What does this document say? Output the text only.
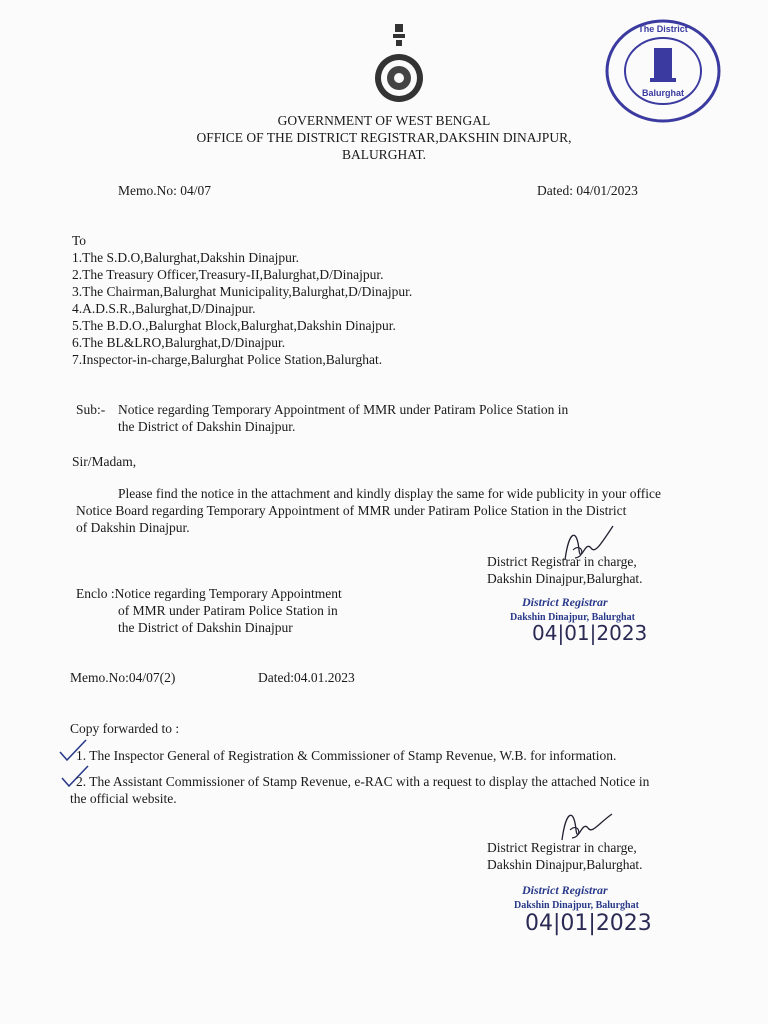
Balurghat
The District
GOVERNMENT OF WEST BENGAL
OFFICE OF THE DISTRICT REGISTRAR,DAKSHIN DINAJPUR,
BALURGHAT.
Memo.No: 04/07	Dated: 04/01/2023
To
1.The S.D.O,Balurghat,Dakshin Dinajpur.
2.The Treasury Officer,Treasury-II,Balurghat,D/Dinajpur.
3.The Chairman,Balurghat Municipality,Balurghat,D/Dinajpur.
4.A.D.S.R.,Balurghat,D/Dinajpur.
5.The B.D.O.,Balurghat Block,Balurghat,Dakshin Dinajpur.
6.The BL&LRO,Balurghat,D/Dinajpur.
7.Inspector-in-charge,Balurghat Police Station,Balurghat.
Sub:- Notice regarding Temporary Appointment of MMR under Patiram Police Station in
the District of Dakshin Dinajpur.
Sir/Madam,
Please find the notice in the attachment and kindly display the same for wide publicity in your office
Notice Board regarding Temporary Appointment of MMR under Patiram Police Station in the District
of Dakshin Dinajpur.
District Registrar in charge,
Dakshin Dinajpur,Balurghat.
District Registrar
Dakshin Dinajpur, Balurghat
04|01|2023
Enclo :Notice regarding Temporary Appointment
of MMR under Patiram Police Station in
the District of Dakshin Dinajpur
Memo.No:04/07(2)	Dated:04.01.2023
Copy forwarded to :
1. The Inspector General of Registration & Commissioner of Stamp Revenue, W.B. for information.
2. The Assistant Commissioner of Stamp Revenue, e-RAC with a request to display the attached Notice in
the official website.
District Registrar in charge,
Dakshin Dinajpur,Balurghat.
District Registrar
Dakshin Dinajpur, Balurghat
04|01|2023
